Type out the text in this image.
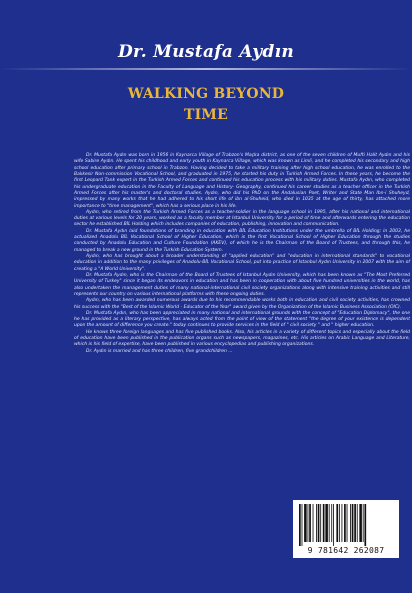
Dr. Mustafa Aydın
WALKING BEYOND
TIME

Dr. Mustafa Aydın was born in 1956 in Kaynarca Village of Trabzon's Maçka district, as one of the seven children of Mufti Halit Aydın and his wife Sabire Aydın. He spent his childhood and early youth in Kaynarca Village, which was known as Limli, and he completed his secondary and high school education after primary school in Trabzon. Having decided to take a military training after high school education, he was enrolled to the Balıkesir Non-commission Vocational School, and graduated in 1975, he started his duty in Turkish Armed Forces. In these years, he become the first Leopard Tank expert in the Turkish Armed Forces and continued his education process with his military duties. Mustafa Aydın, who completed his undergraduate education in the Faculty of Language and History- Geography, continued his career studies as a teacher officer in the Turkish Armed Forces after his master's and doctoral studies. Aydın, who did his PhD on the Andalusian Poet, Writer and State Man Ibn-i Shuheyd, impressed by many works that he had adhered to his short life of ibn al-Shuheid, who died in 1035 at the age of thirty, has attached more importance to "time management", which has a serious place in his life.

Aydın, who retired from the Turkish Armed Forces as a teacher-soldier in the language school in 1995, after his national and international duties at various levels for 20 years, worked as a faculty member at Istanbul University for a period of time and afterwards entering the education sector he established BİL Holding which includes companies of education, publishing, innovation and communication.

Dr. Mustafa Aydın laid foundations of branding in education with BİL Education Institutions under the umbrella of BİL Holding; in 2003, he actualized Anadolu BİL Vocational School of Higher Education, which is the first Vocational School of Higher Education through the studies conducted by Anadolu Education and Culture Foundation (AKEV), of which he is the Chairman of the Board of Trustees, and through this, he managed to break a new ground in the Turkish Education System.

Aydın, who has brought about a broader understanding of "applied education" and "education in international standards" to vocational education in addition to the many privileges of Anadolu-BİL Vocational School, put into practice of Istanbul Aydın University in 2007 with the aim of creating a "A World University".

Dr. Mustafa Aydın, who is the Chairman of the Board of Trustees of Istanbul Aydın University, which has been known as "The Most Preferred University of Turkey" since it began its endeavors in education and has been in cooperation with about five hundred universities in the world, has also undertaken the management duties of many national-international civil society organizations along with intensive training activities and still represents our country on various international platforms with these ongoing duties.

Aydın, who has been awarded numerous awards due to his recommendable works both in education and civil society activities, has crowned his success with the "Best of the Islamic World - Educator of the Year" award given by the Organization of the Islamic Business Association (OIC).

Dr. Mustafa Aydın, who has been appreciated in many national and international grounds with the concept of "Education Diplomacy", the one he has provided as a literary perspective, has always acted from the point of view of the statement "the degree of your existence is dependent upon the amount of difference you create." today continues to provide services in the field of " civil society " and " higher education.

He knows three foreign languages and has five published books. Also, his articles in a variety of different topics and especially about the field of education have been published in the publication organs such as newspapers, magazines, etc. His articles on Arabic Language and Literature, which is his field of expertise, have been published in various encyclopedias and publishing organizations.

Dr. Aydın is married and has three children, five grandchildren ...

9 781642 262087
